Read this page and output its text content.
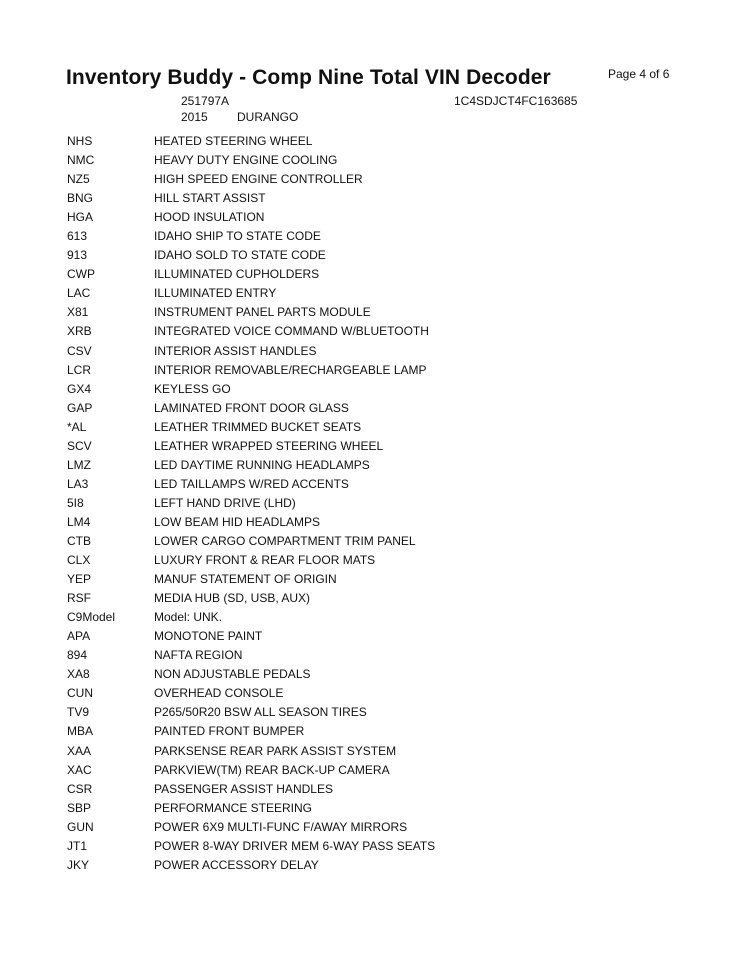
Page 4 of 6
Inventory Buddy - Comp Nine Total VIN Decoder
251797A	1C4SDJCT4FC163685
2015 DURANGO
NHS	HEATED STEERING WHEEL
NMC	HEAVY DUTY ENGINE COOLING
NZ5	HIGH SPEED ENGINE CONTROLLER
BNG	HILL START ASSIST
HGA	HOOD INSULATION
613	IDAHO SHIP TO STATE CODE
913	IDAHO SOLD TO STATE CODE
CWP	ILLUMINATED CUPHOLDERS
LAC	ILLUMINATED ENTRY
X81	INSTRUMENT PANEL PARTS MODULE
XRB	INTEGRATED VOICE COMMAND W/BLUETOOTH
CSV	INTERIOR ASSIST HANDLES
LCR	INTERIOR REMOVABLE/RECHARGEABLE LAMP
GX4	KEYLESS GO
GAP	LAMINATED FRONT DOOR GLASS
*AL	LEATHER TRIMMED BUCKET SEATS
SCV	LEATHER WRAPPED STEERING WHEEL
LMZ	LED DAYTIME RUNNING HEADLAMPS
LA3	LED TAILLAMPS W/RED ACCENTS
5I8	LEFT HAND DRIVE (LHD)
LM4	LOW BEAM HID HEADLAMPS
CTB	LOWER CARGO COMPARTMENT TRIM PANEL
CLX	LUXURY FRONT & REAR FLOOR MATS
YEP	MANUF STATEMENT OF ORIGIN
RSF	MEDIA HUB (SD, USB, AUX)
C9Model	Model: UNK.
APA	MONOTONE PAINT
894	NAFTA REGION
XA8	NON ADJUSTABLE PEDALS
CUN	OVERHEAD CONSOLE
TV9	P265/50R20 BSW ALL SEASON TIRES
MBA	PAINTED FRONT BUMPER
XAA	PARKSENSE REAR PARK ASSIST SYSTEM
XAC	PARKVIEW(TM) REAR BACK-UP CAMERA
CSR	PASSENGER ASSIST HANDLES
SBP	PERFORMANCE STEERING
GUN	POWER 6X9 MULTI-FUNC F/AWAY MIRRORS
JT1	POWER 8-WAY DRIVER MEM 6-WAY PASS SEATS
JKY	POWER ACCESSORY DELAY
